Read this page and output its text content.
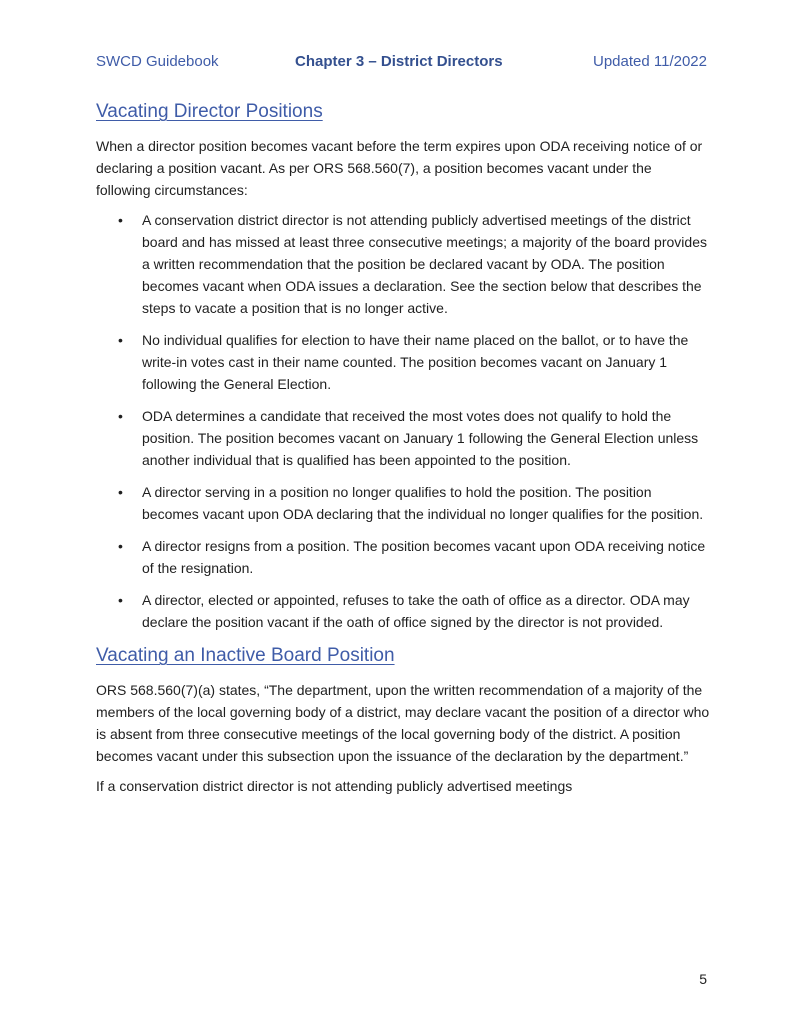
SWCD Guidebook	Chapter 3 – District Directors	Updated 11/2022
Vacating Director Positions

When a director position becomes vacant before the term expires upon ODA receiving notice of or declaring a position vacant. As per ORS 568.560(7), a position becomes vacant under the following circumstances:

• A conservation district director is not attending publicly advertised meetings of the district board and has missed at least three consecutive meetings; a majority of the board provides a written recommendation that the position be declared vacant by ODA. The position becomes vacant when ODA issues a declaration. See the section below that describes the steps to vacate a position that is no longer active.
• No individual qualifies for election to have their name placed on the ballot, or to have the write-in votes cast in their name counted. The position becomes vacant on January 1 following the General Election.
• ODA determines a candidate that received the most votes does not qualify to hold the position. The position becomes vacant on January 1 following the General Election unless another individual that is qualified has been appointed to the position.
• A director serving in a position no longer qualifies to hold the position. The position becomes vacant upon ODA declaring that the individual no longer qualifies for the position.
• A director resigns from a position. The position becomes vacant upon ODA receiving notice of the resignation.
• A director, elected or appointed, refuses to take the oath of office as a director. ODA may declare the position vacant if the oath of office signed by the director is not provided.
Vacating an Inactive Board Position

ORS 568.560(7)(a) states, “The department, upon the written recommendation of a majority of the members of the local governing body of a district, may declare vacant the position of a director who is absent from three consecutive meetings of the local governing body of the district. A position becomes vacant under this subsection upon the issuance of the declaration by the department.”

If a conservation district director is not attending publicly advertised meetings

5
